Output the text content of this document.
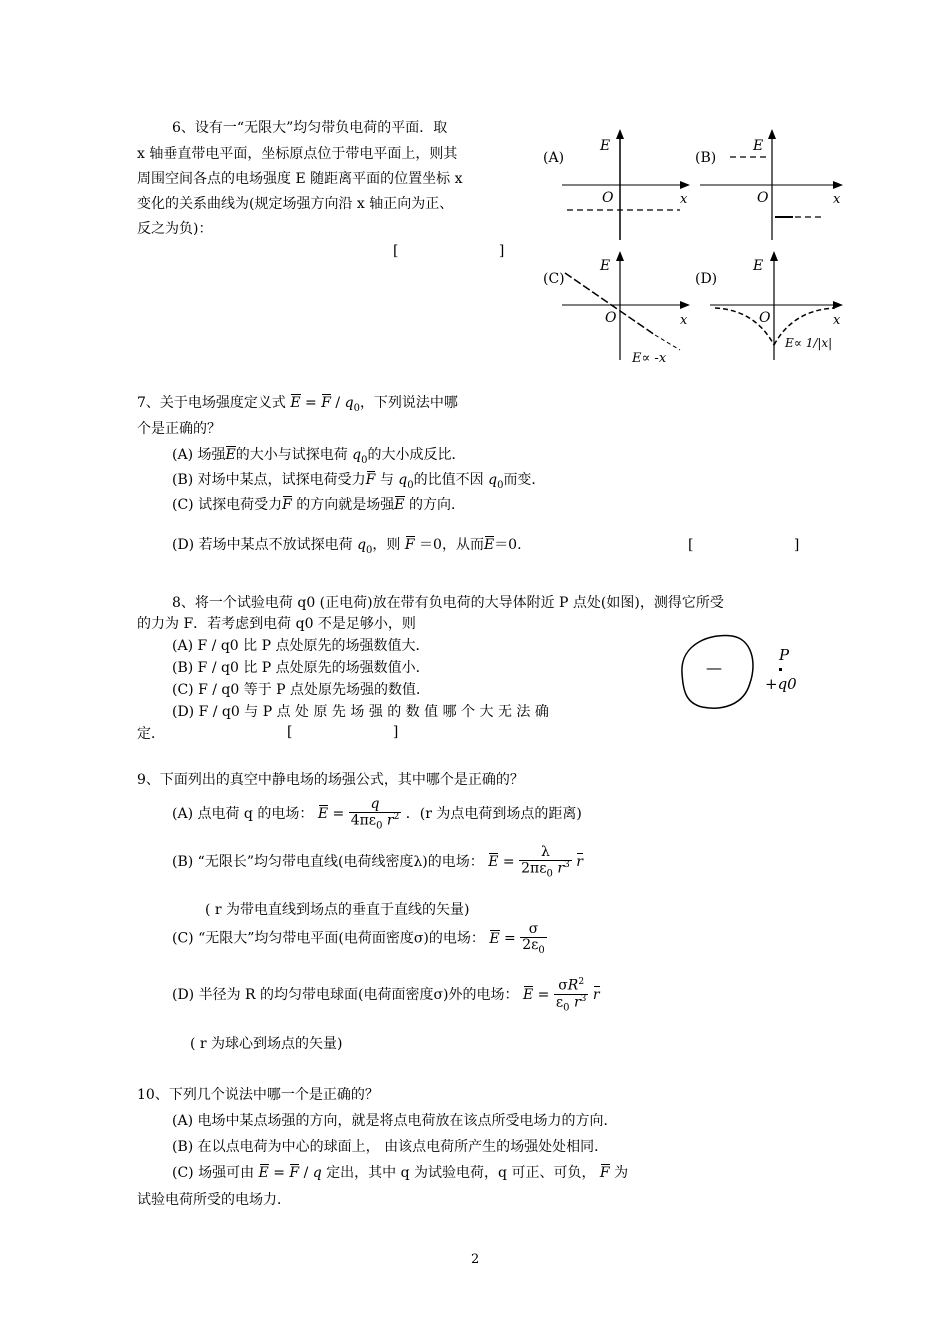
6、设有一“无限大”均匀带负电荷的平面．取
x 轴垂直带电平面，坐标原点位于带电平面上，则其
周围空间各点的电场强度 E 随距离平面的位置坐标 x
变化的关系曲线为(规定场强方向沿 x 轴正向为正、
反之为负)：
[ ]
(A)
E
O	x
(B)
E
O	x
(C)
E
O	x
E∝ -x
(D)
E
O	x
E∝ 1/|x|
7、关于电场强度定义式 $E = F / q_0$，下列说法中哪
个是正确的？
(A) 场强E的大小与试探电荷 $q_0$的大小成反比．
(B) 对场中某点，试探电荷受力F 与 $q_0$的比值不因 $q_0$而变．
(C) 试探电荷受力F 的方向就是场强E 的方向．
(D) 若场中某点不放试探电荷 $q_0$，则 F ＝0，从而E＝0.	[ ]
8、将一个试验电荷 q0 (正电荷)放在带有负电荷的大导体附近 P 点处(如图)，测得它所受
的力为 F．若考虑到电荷 q0 不是足够小，则
(A) F / q0 比 P 点处原先的场强数值大．
(B) F / q0 比 P 点处原先的场强数值小．
(C) F / q0 等于 P 点处原先场强的数值．
(D) F / q0 与 P 点 处 原 先 场 强 的 数 值 哪 个 大 无 法 确
定．	[ ]
—
P
+q0
9、下面列出的真空中静电场的场强公式，其中哪个是正确的？
(A) 点电荷 q 的电场： $E = \frac{q}{4\pi\varepsilon_0 r^2}$ ．(r 为点电荷到场点的距离)
(B) “无限长”均匀带电直线(电荷线密度λ)的电场： $E = \frac{\lambda}{2\pi\varepsilon_0 r^3}$ r
( r 为带电直线到场点的垂直于直线的矢量)
(C) “无限大”均匀带电平面(电荷面密度σ)的电场： $E = \frac{\sigma}{2\varepsilon_0}$
(D) 半径为 R 的均匀带电球面(电荷面密度σ)外的电场： $E = \frac{\sigma R^2}{\varepsilon_0 r^3}$ r
( r 为球心到场点的矢量)
10、下列几个说法中哪一个是正确的？
(A) 电场中某点场强的方向，就是将点电荷放在该点所受电场力的方向．
(B) 在以点电荷为中心的球面上， 由该点电荷所产生的场强处处相同．
(C) 场强可由 E = F / q 定出，其中 q 为试验电荷，q 可正、可负， F 为
试验电荷所受的电场力．
2
